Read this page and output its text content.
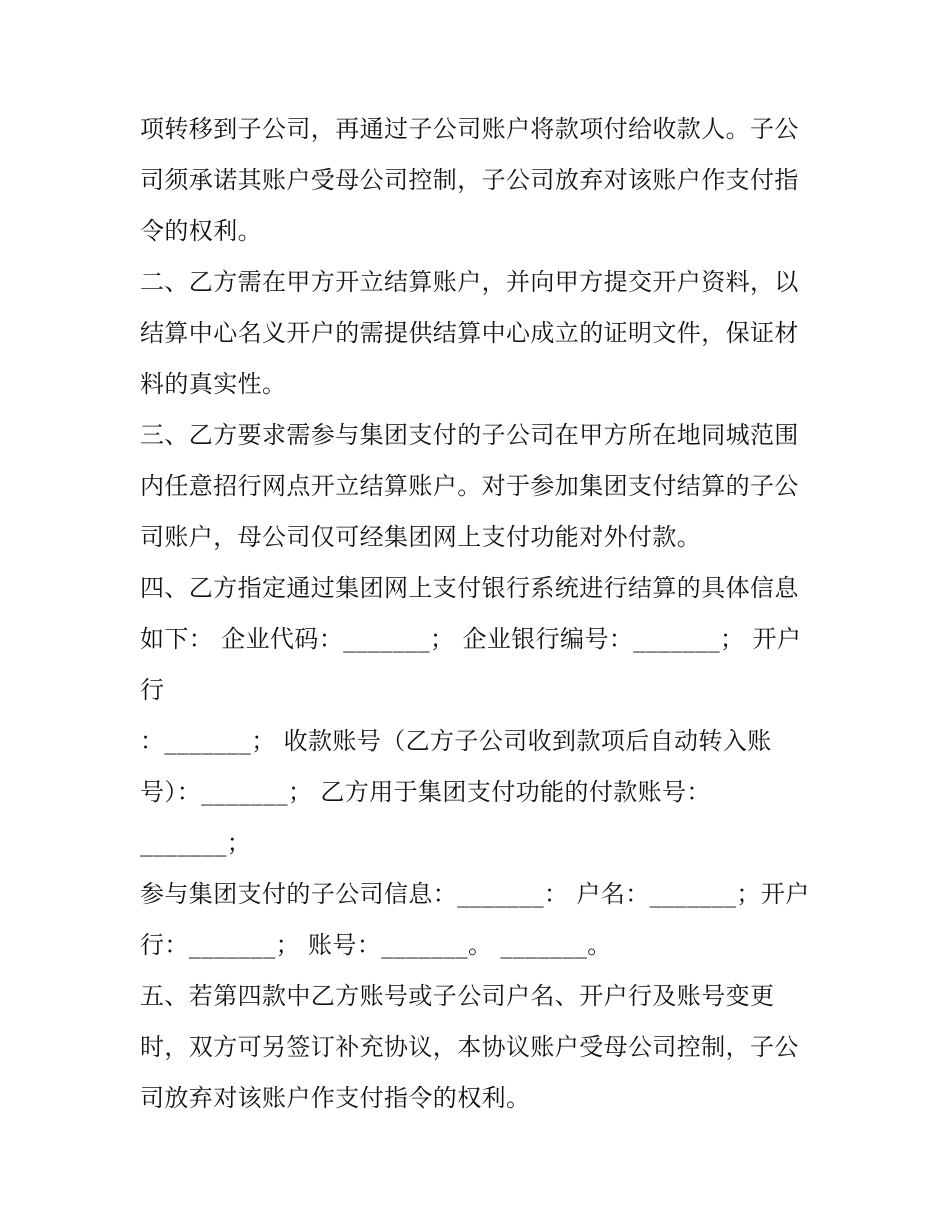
项转移到子公司，再通过子公司账户将款项付给收款人。子公
司须承诺其账户受母公司控制，子公司放弃对该账户作支付指
令的权利。
二、乙方需在甲方开立结算账户，并向甲方提交开户资料，以
结算中心名义开户的需提供结算中心成立的证明文件，保证材
料的真实性。
三、乙方要求需参与集团支付的子公司在甲方所在地同城范围
内任意招行网点开立结算账户。对于参加集团支付结算的子公
司账户，母公司仅可经集团网上支付功能对外付款。
四、乙方指定通过集团网上支付银行系统进行结算的具体信息
如下： 企业代码：_______； 企业银行编号：_______； 开户
行
：_______； 收款账号（乙方子公司收到款项后自动转入账
号）：_______； 乙方用于集团支付功能的付款账号：
_______；
参与集团支付的子公司信息：_______： 户名：_______；开户
行：_______； 账号：_______。 _______。
五、若第四款中乙方账号或子公司户名、开户行及账号变更
时，双方可另签订补充协议，本协议账户受母公司控制，子公
司放弃对该账户作支付指令的权利。
